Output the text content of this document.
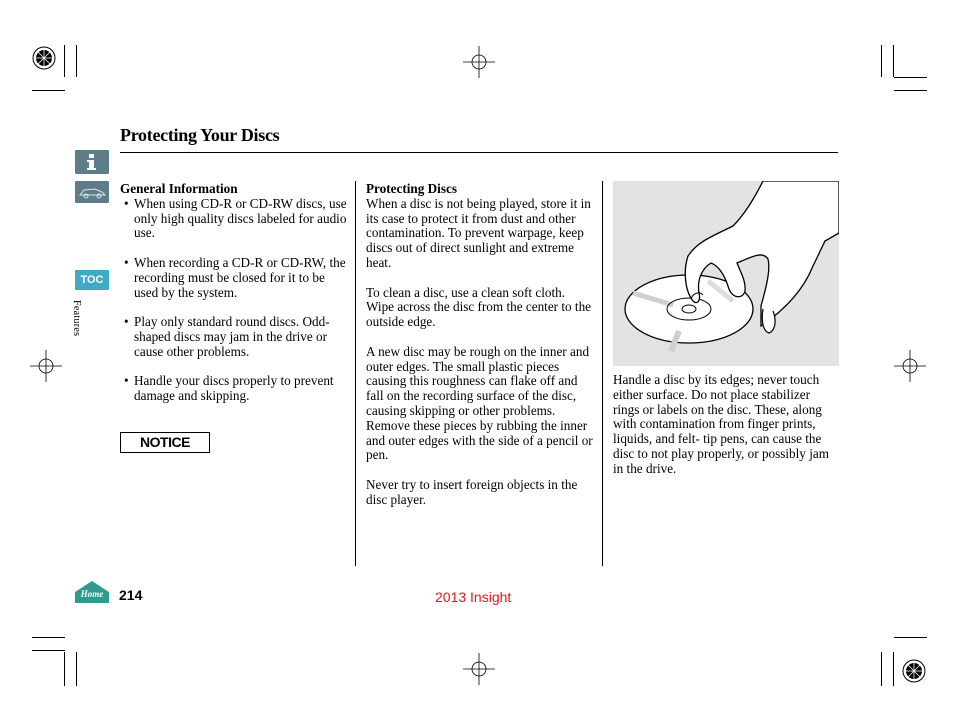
TOC
Features
Protecting Your Discs
General Information
• When using CD-R or CD-RW discs, use only high quality discs labeled for audio use.
• When recording a CD-R or CD-RW, the recording must be closed for it to be used by the system.
• Play only standard round discs. Odd-shaped discs may jam in the drive or cause other problems.
• Handle your discs properly to prevent damage and skipping.
NOTICE
Protecting Discs

When a disc is not being played, store it in its case to protect it from dust and other contamination. To prevent warpage, keep discs out of direct sunlight and extreme heat.

To clean a disc, use a clean soft cloth. Wipe across the disc from the center to the outside edge.

A new disc may be rough on the inner and outer edges. The small plastic pieces causing this roughness can flake off and fall on the recording surface of the disc, causing skipping or other problems. Remove these pieces by rubbing the inner and outer edges with the side of a pencil or pen.

Never try to insert foreign objects in the disc player.

Handle a disc by its edges; never touch either surface. Do not place stabilizer rings or labels on the disc. These, along with contamination from finger prints, liquids, and felt- tip pens, can cause the disc to not play properly, or possibly jam in the drive.

Home	214	2013 Insight
